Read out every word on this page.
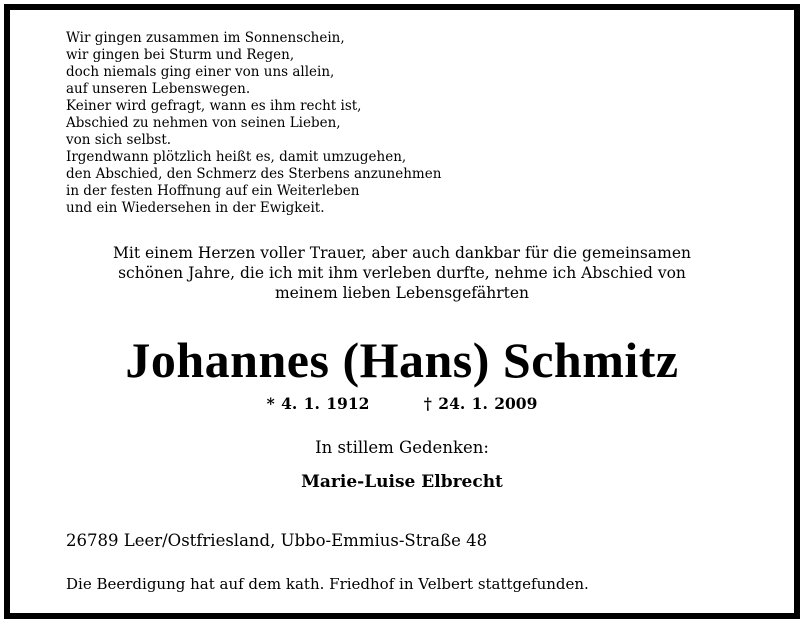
Wir gingen zusammen im Sonnenschein,
wir gingen bei Sturm und Regen,
doch niemals ging einer von uns allein,
auf unseren Lebenswegen.
Keiner wird gefragt, wann es ihm recht ist,
Abschied zu nehmen von seinen Lieben,
von sich selbst.
Irgendwann plötzlich heißt es, damit umzugehen,
den Abschied, den Schmerz des Sterbens anzunehmen
in der festen Hoffnung auf ein Weiterleben
und ein Wiedersehen in der Ewigkeit.
Mit einem Herzen voller Trauer, aber auch dankbar für die gemeinsamen
schönen Jahre, die ich mit ihm verleben durfte, nehme ich Abschied von
meinem lieben Lebensgefährten
Johannes (Hans) Schmitz
* 4. 1. 1912	† 24. 1. 2009
In stillem Gedenken:
Marie-Luise Elbrecht
26789 Leer/Ostfriesland, Ubbo-Emmius-Straße 48
Die Beerdigung hat auf dem kath. Friedhof in Velbert stattgefunden.
